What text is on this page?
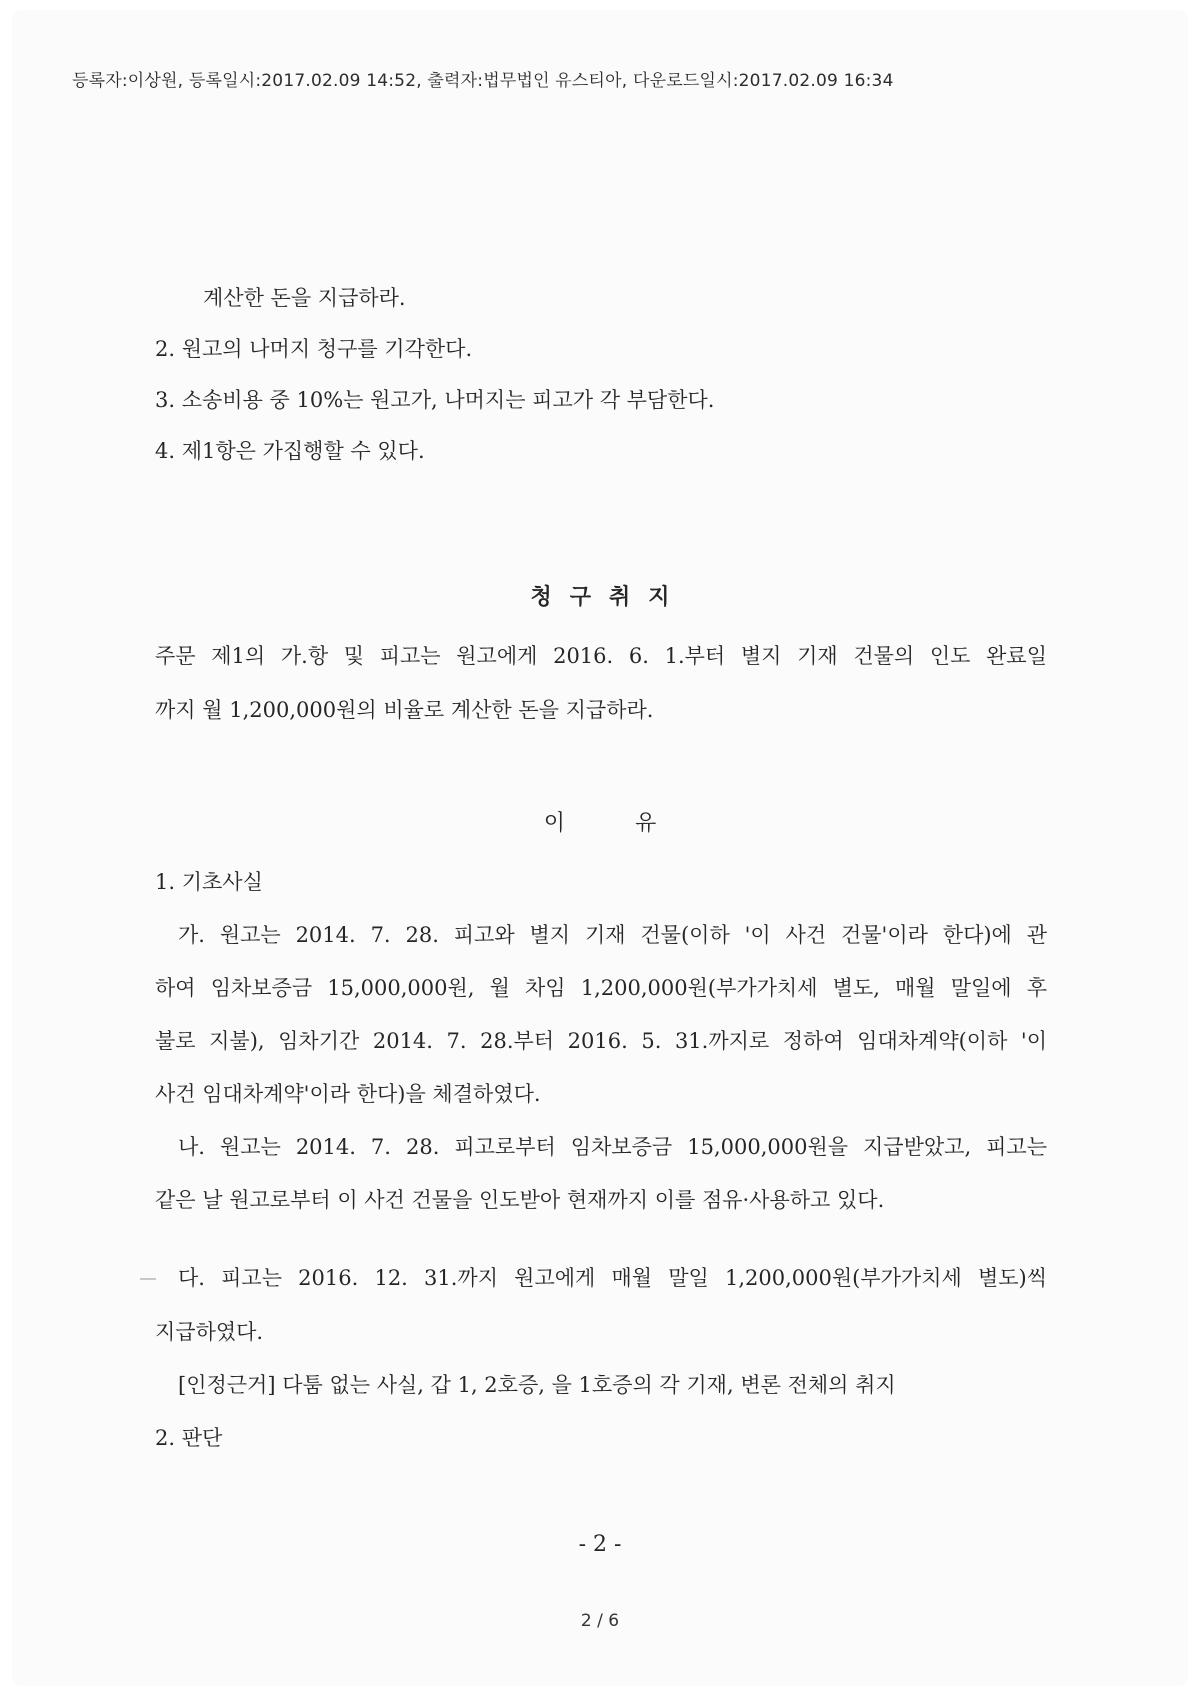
등록자:이상원, 등록일시:2017.02.09 14:52, 출력자:법무법인 유스티아, 다운로드일시:2017.02.09 16:34
계산한 돈을 지급하라.
2. 원고의 나머지 청구를 기각한다.
3. 소송비용 중 10%는 원고가, 나머지는 피고가 각 부담한다.
4. 제1항은 가집행할 수 있다.
청구취지
주문 제1의 가.항 및 피고는 원고에게 2016. 6. 1.부터 별지 기재 건물의 인도 완료일
까지 월 1,200,000원의 비율로 계산한 돈을 지급하라.
이유
1. 기초사실
가. 원고는 2014. 7. 28. 피고와 별지 기재 건물(이하 '이 사건 건물'이라 한다)에 관
하여 임차보증금 15,000,000원, 월 차임 1,200,000원(부가가치세 별도, 매월 말일에 후
불로 지불), 임차기간 2014. 7. 28.부터 2016. 5. 31.까지로 정하여 임대차계약(이하 '이
사건 임대차계약'이라 한다)을 체결하였다.
나. 원고는 2014. 7. 28. 피고로부터 임차보증금 15,000,000원을 지급받았고, 피고는
같은 날 원고로부터 이 사건 건물을 인도받아 현재까지 이를 점유·사용하고 있다.
다. 피고는 2016. 12. 31.까지 원고에게 매월 말일 1,200,000원(부가가치세 별도)씩
지급하였다.
[인정근거] 다툼 없는 사실, 갑 1, 2호증, 을 1호증의 각 기재, 변론 전체의 취지
2. 판단
- 2 -
2 / 6
